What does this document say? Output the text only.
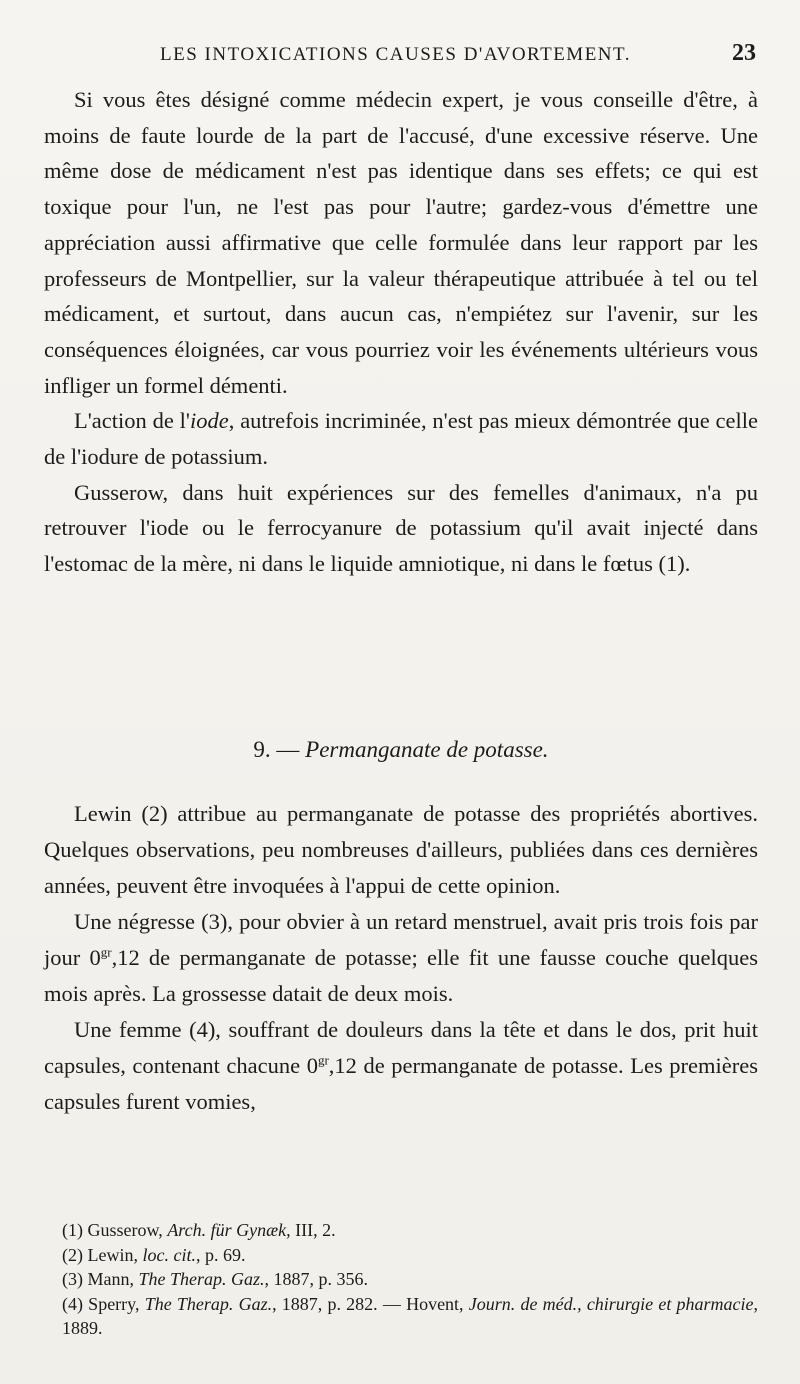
LES INTOXICATIONS CAUSES D'AVORTEMENT.	23

Si vous êtes désigné comme médecin expert, je vous conseille d'être, à moins de faute lourde de la part de l'accusé, d'une excessive réserve. Une même dose de médicament n'est pas identique dans ses effets; ce qui est toxique pour l'un, ne l'est pas pour l'autre; gardez-vous d'émettre une appréciation aussi affirmative que celle formulée dans leur rapport par les professeurs de Montpellier, sur la valeur thérapeutique attribuée à tel ou tel médicament, et surtout, dans aucun cas, n'empiétez sur l'avenir, sur les conséquences éloignées, car vous pourriez voir les événements ultérieurs vous infliger un formel démenti.

L'action de l'iode, autrefois incriminée, n'est pas mieux démontrée que celle de l'iodure de potassium.

Gusserow, dans huit expériences sur des femelles d'animaux, n'a pu retrouver l'iode ou le ferrocyanure de potassium qu'il avait injecté dans l'estomac de la mère, ni dans le liquide amniotique, ni dans le fœtus (1).

9. — Permanganate de potasse.

Lewin (2) attribue au permanganate de potasse des propriétés abortives. Quelques observations, peu nombreuses d'ailleurs, publiées dans ces dernières années, peuvent être invoquées à l'appui de cette opinion.

Une négresse (3), pour obvier à un retard menstruel, avait pris trois fois par jour $0^{gr},12$ de permanganate de potasse; elle fit une fausse couche quelques mois après. La grossesse datait de deux mois.

Une femme (4), souffrant de douleurs dans la tête et dans le dos, prit huit capsules, contenant chacune $0^{gr},12$ de permanganate de potasse. Les premières capsules furent vomies,

(1) Gusserow, Arch. für Gynæk, III, 2.

(2) Lewin, loc. cit., p. 69.

(3) Mann, The Therap. Gaz., 1887, p. 356.

(4) Sperry, The Therap. Gaz., 1887, p. 282. — Hovent, Journ. de méd., chirurgie et pharmacie, 1889.
